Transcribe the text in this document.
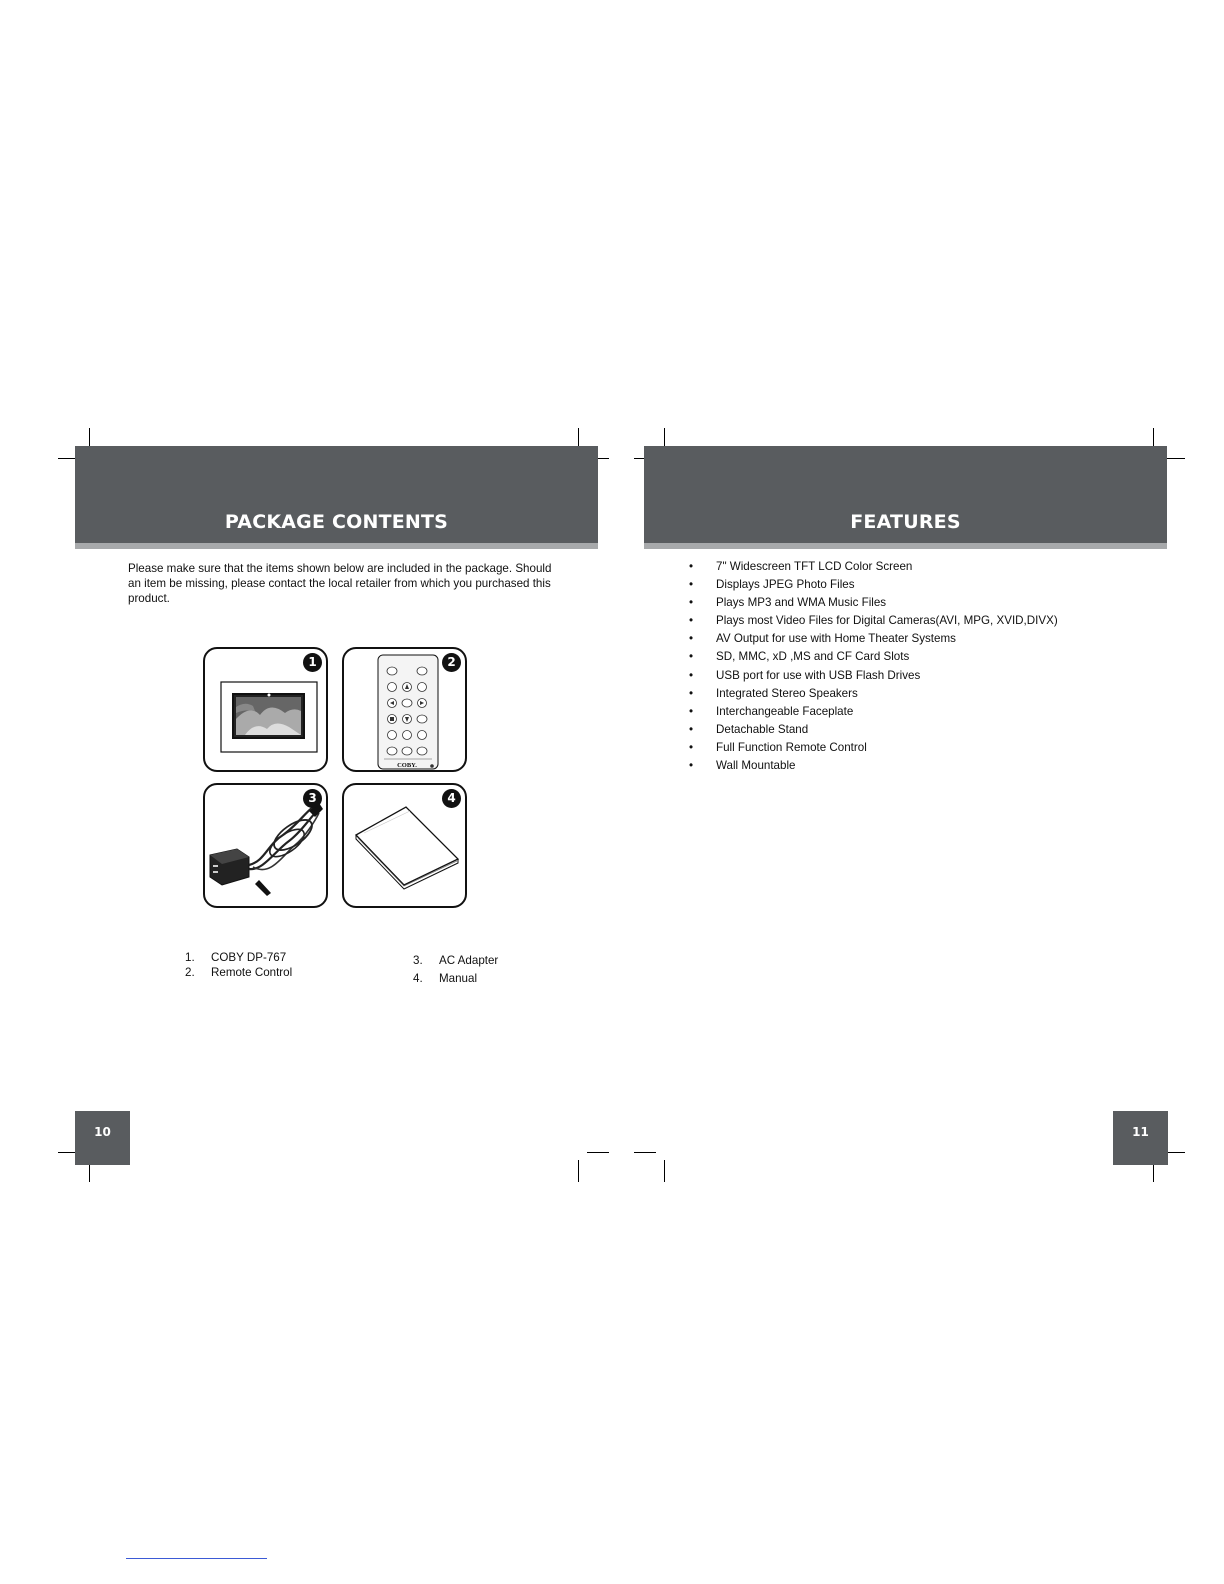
PACKAGE CONTENTS
Please make sure that the items shown below are included in the package. Should an item be missing, please contact the local retailer from which you purchased this product.
1
COBY.
2
3	4
1. COBY DP-767
2. Remote Control
3. AC Adapter
4. Manual
10
FEATURES
• 7" Widescreen TFT LCD Color Screen
• Displays JPEG Photo Files
• Plays MP3 and WMA Music Files
• Plays most Video Files for Digital Cameras(AVI, MPG, XVID,DIVX)
• AV Output for use with Home Theater Systems
• SD, MMC, xD ,MS and CF Card Slots
• USB port for use with USB Flash Drives
• Integrated Stereo Speakers
• Interchangeable Faceplate
• Detachable Stand
• Full Function Remote Control
• Wall Mountable
11
